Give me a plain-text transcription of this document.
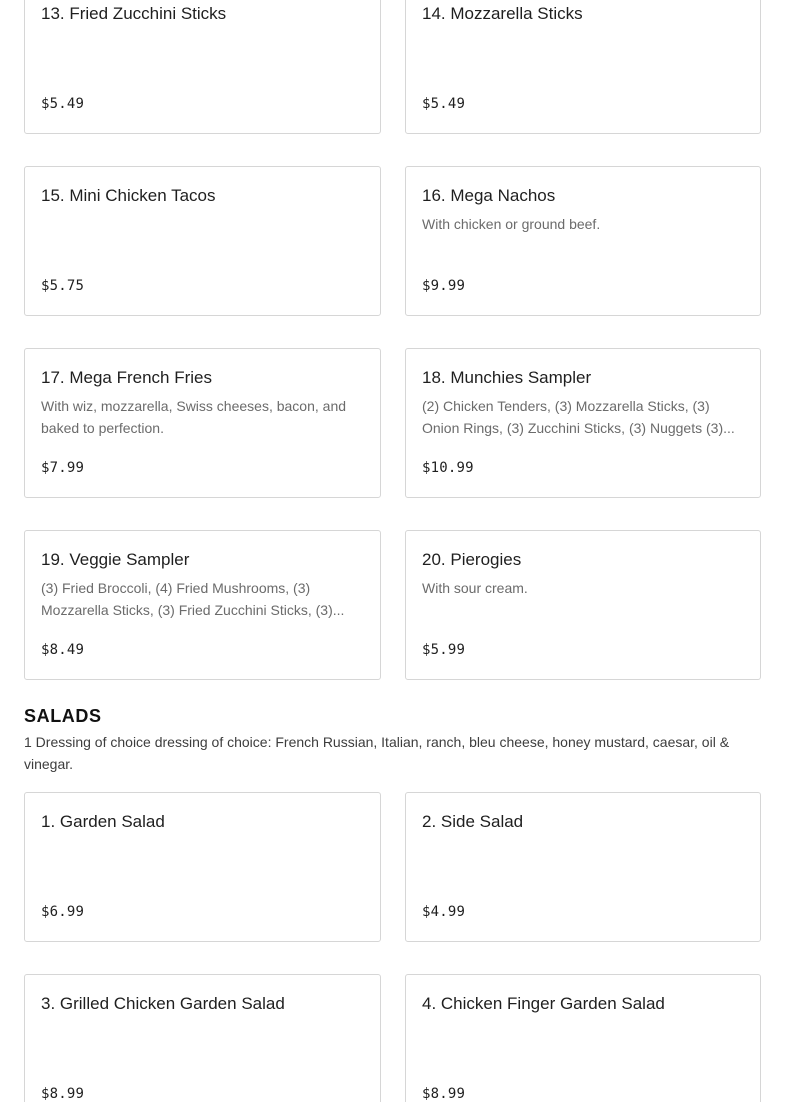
13. Fried Zucchini Sticks
$5.49
14. Mozzarella Sticks
$5.49
15. Mini Chicken Tacos
$5.75
16. Mega Nachos
With chicken or ground beef.
$9.99
17. Mega French Fries
With wiz, mozzarella, Swiss cheeses, bacon, and baked to perfection.
$7.99
18. Munchies Sampler
(2) Chicken Tenders, (3) Mozzarella Sticks, (3) Onion Rings, (3) Zucchini Sticks, (3) Nuggets (3)...
$10.99
19. Veggie Sampler
(3) Fried Broccoli, (4) Fried Mushrooms, (3) Mozzarella Sticks, (3) Fried Zucchini Sticks, (3)...
$8.49
20. Pierogies
With sour cream.
$5.99
SALADS

1 Dressing of choice dressing of choice: French Russian, Italian, ranch, bleu cheese, honey mustard, caesar, oil & vinegar.

1. Garden Salad
$6.99
2. Side Salad
$4.99
3. Grilled Chicken Garden Salad
$8.99
4. Chicken Finger Garden Salad
$8.99
